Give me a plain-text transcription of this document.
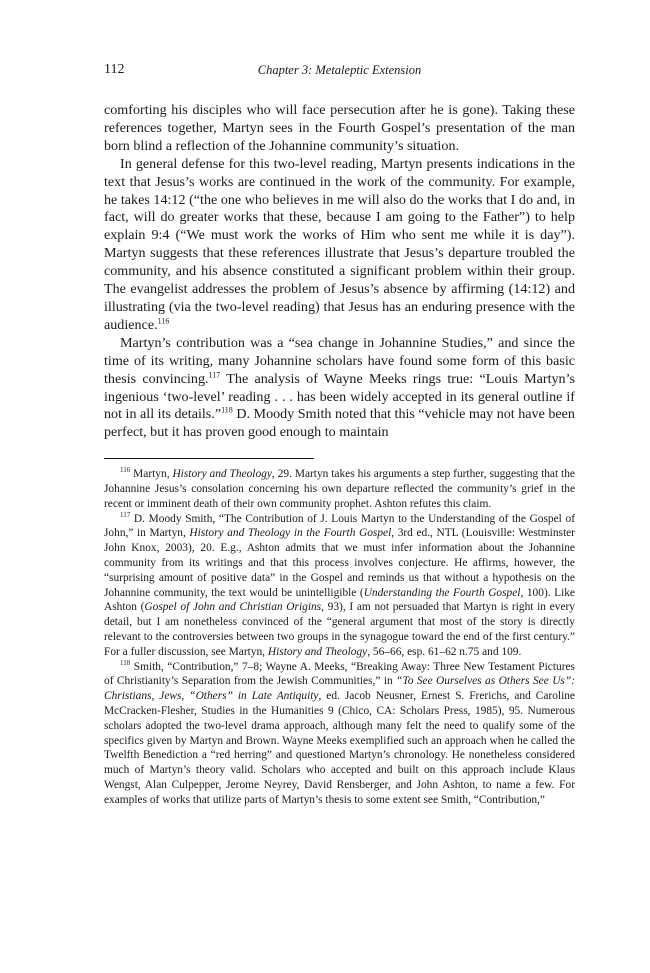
112	Chapter 3: Metaleptic Extension

comforting his disciples who will face persecution after he is gone). Taking these references together, Martyn sees in the Fourth Gospel’s presentation of the man born blind a reflection of the Johannine community’s situation.

In general defense for this two-level reading, Martyn presents indications in the text that Jesus’s works are continued in the work of the community. For example, he takes 14:12 (“the one who believes in me will also do the works that I do and, in fact, will do greater works that these, because I am going to the Father”) to help explain 9:4 (“We must work the works of Him who sent me while it is day”). Martyn suggests that these references illustrate that Jesus’s departure troubled the community, and his absence constituted a significant problem within their group. The evangelist addresses the problem of Jesus’s absence by affirming (14:12) and illustrating (via the two-level reading) that Jesus has an enduring presence with the audience.$^{116}$

Martyn’s contribution was a “sea change in Johannine Studies,” and since the time of its writing, many Johannine scholars have found some form of this basic thesis convincing.$^{117}$ The analysis of Wayne Meeks rings true: “Louis Martyn’s ingenious ‘two-level’ reading . . . has been widely accepted in its general outline if not in all its details.”$^{118}$ D. Moody Smith noted that this “vehicle may not have been perfect, but it has proven good enough to maintain

$^{116}$ Martyn, History and Theology, 29. Martyn takes his arguments a step further, suggesting that the Johannine Jesus’s consolation concerning his own departure reflected the community’s grief in the recent or imminent death of their own community prophet. Ashton refutes this claim.

$^{117}$ D. Moody Smith, “The Contribution of J. Louis Martyn to the Understanding of the Gospel of John,” in Martyn, History and Theology in the Fourth Gospel, 3rd ed., NTL (Louisville: Westminster John Knox, 2003), 20. E.g., Ashton admits that we must infer information about the Johannine community from its writings and that this process involves conjecture. He affirms, however, the “surprising amount of positive data” in the Gospel and reminds us that without a hypothesis on the Johannine community, the text would be unintelligible (Understanding the Fourth Gospel, 100). Like Ashton (Gospel of John and Christian Origins, 93), I am not persuaded that Martyn is right in every detail, but I am nonetheless convinced of the “general argument that most of the story is directly relevant to the controversies between two groups in the synagogue toward the end of the first century.” For a fuller discussion, see Martyn, History and Theology, 56–66, esp. 61–62 n.75 and 109.

$^{118}$ Smith, “Contribution,” 7–8; Wayne A. Meeks, “Breaking Away: Three New Testament Pictures of Christianity’s Separation from the Jewish Communities,” in “To See Ourselves as Others See Us”: Christians, Jews, “Others” in Late Antiquity, ed. Jacob Neusner, Ernest S. Frerichs, and Caroline McCracken-Flesher, Studies in the Humanities 9 (Chico, CA: Scholars Press, 1985), 95. Numerous scholars adopted the two-level drama approach, although many felt the need to qualify some of the specifics given by Martyn and Brown. Wayne Meeks exemplified such an approach when he called the Twelfth Benediction a “red herring” and questioned Martyn’s chronology. He nonetheless considered much of Martyn’s theory valid. Scholars who accepted and built on this approach include Klaus Wengst, Alan Culpepper, Jerome Neyrey, David Rensberger, and John Ashton, to name a few. For examples of works that utilize parts of Martyn’s thesis to some extent see Smith, “Contribution,”
